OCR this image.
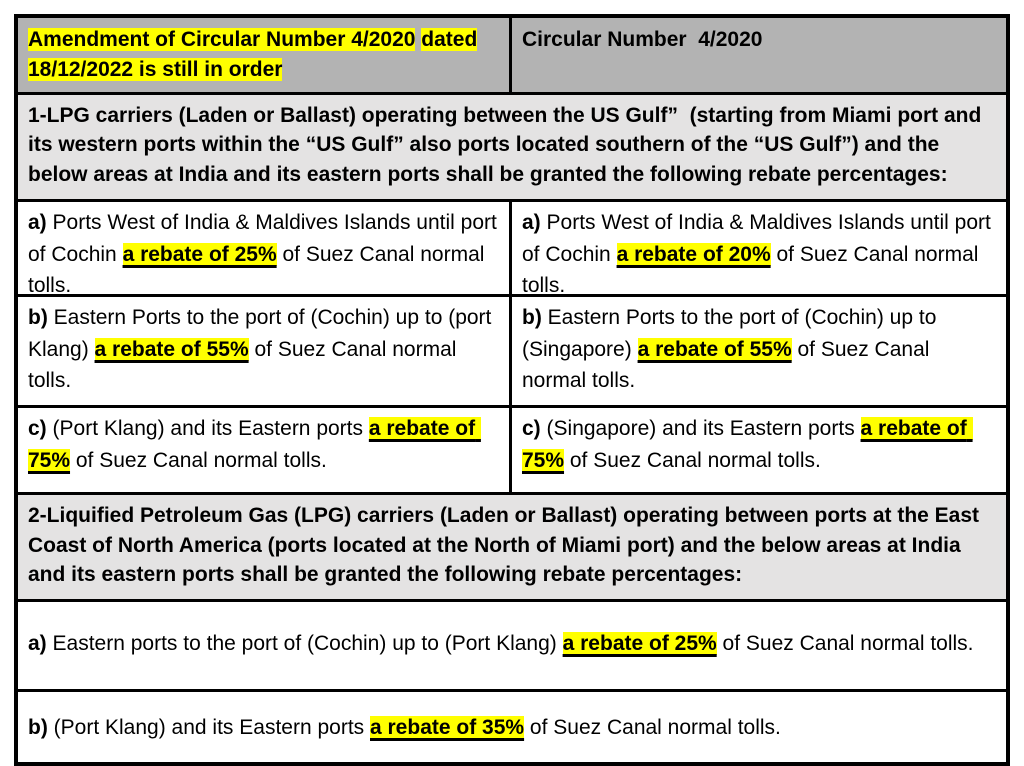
Amendment of Circular Number 4/2020 dated
18/12/2022 is still in order
Circular Number  4/2020
1-LPG carriers (Laden or Ballast) operating between the US Gulf”  (starting from Miami port and its western ports within the “US Gulf” also ports located southern of the “US Gulf”) and the below areas at India and its eastern ports shall be granted the following rebate percentages:
a) Ports West of India & Maldives Islands until port of Cochin a rebate of 25% of Suez Canal normal tolls.
a) Ports West of India & Maldives Islands until port of Cochin a rebate of 20% of Suez Canal normal tolls.
b) Eastern Ports to the port of (Cochin) up to (port Klang) a rebate of 55% of Suez Canal normal tolls.
b) Eastern Ports to the port of (Cochin) up to (Singapore) a rebate of 55% of Suez Canal normal tolls.
c) (Port Klang) and its Eastern ports a rebate of 75% of Suez Canal normal tolls.
c) (Singapore) and its Eastern ports a rebate of 75% of Suez Canal normal tolls.
2-Liquified Petroleum Gas (LPG) carriers (Laden or Ballast) operating between ports at the East Coast of North America (ports located at the North of Miami port) and the below areas at India and its eastern ports shall be granted the following rebate percentages:
a) Eastern ports to the port of (Cochin) up to (Port Klang) a rebate of 25% of Suez Canal normal tolls.
b) (Port Klang) and its Eastern ports a rebate of 35% of Suez Canal normal tolls.
